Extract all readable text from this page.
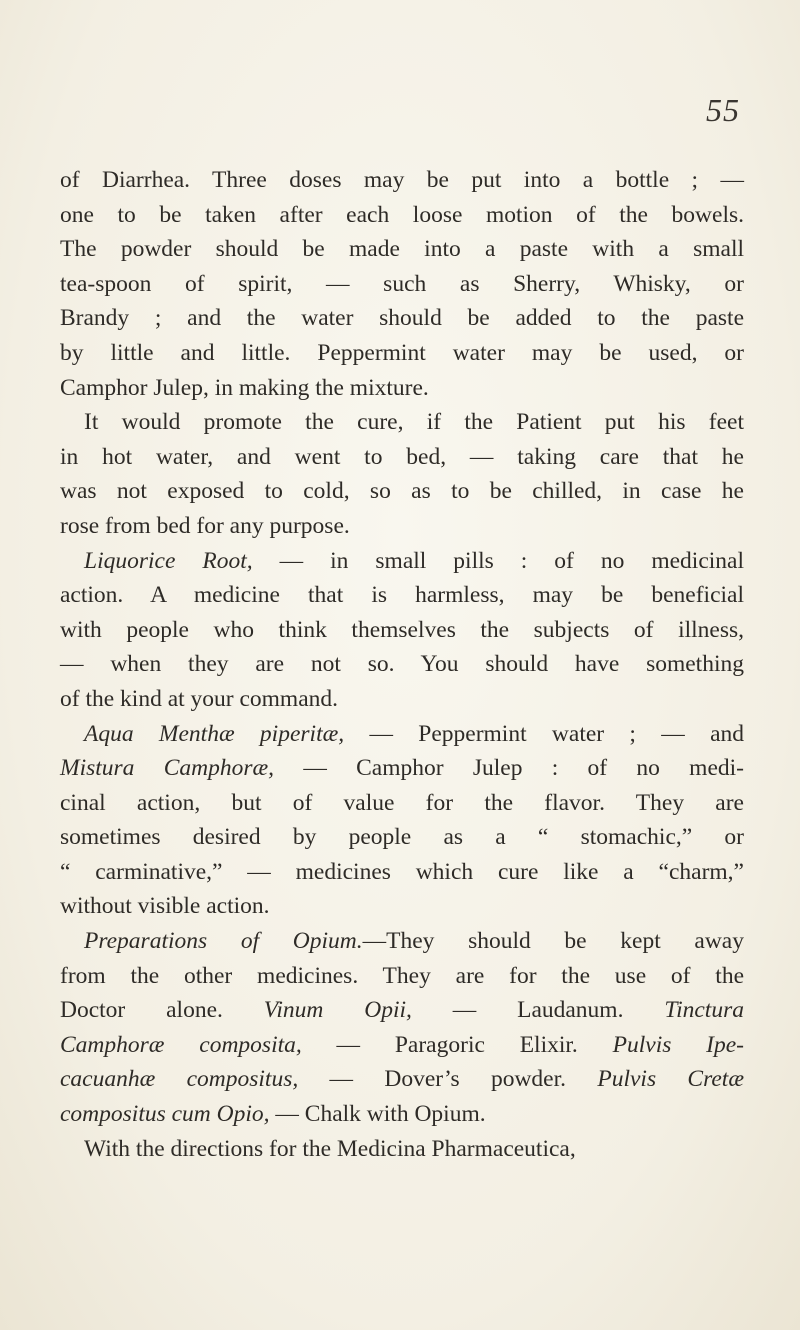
55
of Diarrhea. Three doses may be put into a bottle ; —
one to be taken after each loose motion of the bowels.
The powder should be made into a paste with a small
tea-spoon of spirit, — such as Sherry, Whisky, or
Brandy ; and the water should be added to the paste
by little and little. Peppermint water may be used, or
Camphor Julep, in making the mixture.
It would promote the cure, if the Patient put his feet
in hot water, and went to bed, — taking care that he
was not exposed to cold, so as to be chilled, in case he
rose from bed for any purpose.
Liquorice Root, — in small pills : of no medicinal
action. A medicine that is harmless, may be beneficial
with people who think themselves the subjects of illness,
— when they are not so. You should have something
of the kind at your command.
Aqua Menthæ piperitæ, — Peppermint water ; — and
Mistura Camphoræ, — Camphor Julep : of no medi-
cinal action, but of value for the flavor. They are
sometimes desired by people as a “ stomachic,” or
“ carminative,” — medicines which cure like a “charm,”
without visible action.
Preparations of Opium.—They should be kept away
from the other medicines. They are for the use of the
Doctor alone. Vinum Opii, — Laudanum. Tinctura
Camphoræ composita, — Paragoric Elixir. Pulvis Ipe-
cacuanhæ compositus, — Dover’s powder. Pulvis Cretæ
compositus cum Opio, — Chalk with Opium.
With the directions for the Medicina Pharmaceutica,
